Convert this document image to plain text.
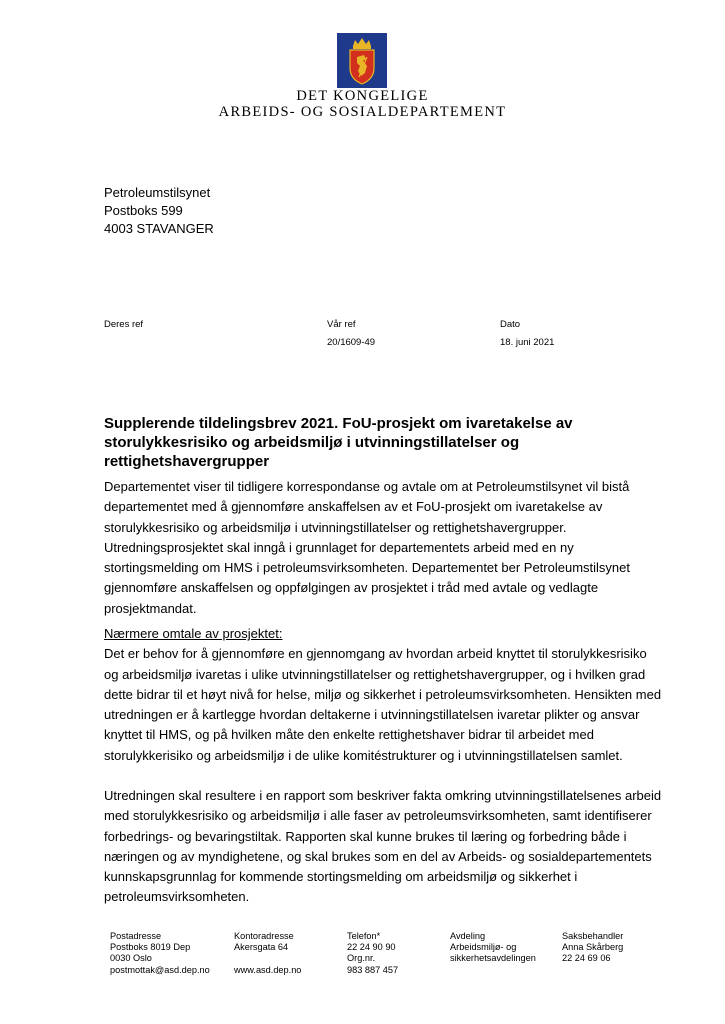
DET KONGELIGE
ARBEIDS- OG SOSIALDEPARTEMENT
Petroleumstilsynet
Postboks 599
4003 STAVANGER
Deres ref	Vår ref
20/1609-49
Dato
18. juni 2021
Supplerende tildelingsbrev 2021. FoU-prosjekt om ivaretakelse av storulykkesrisiko og arbeidsmiljø i utvinningstillatelser og rettighetshavergrupper

Departementet viser til tidligere korrespondanse og avtale om at Petroleumstilsynet vil bistå departementet med å gjennomføre anskaffelsen av et FoU-prosjekt om ivaretakelse av storulykkesrisiko og arbeidsmiljø i utvinningstillatelser og rettighetshavergrupper. Utredningsprosjektet skal inngå i grunnlaget for departementets arbeid med en ny stortingsmelding om HMS i petroleumsvirksomheten. Departementet ber Petroleumstilsynet gjennomføre anskaffelsen og oppfølgingen av prosjektet i tråd med avtale og vedlagte prosjektmandat.

Nærmere omtale av prosjektet:

Det er behov for å gjennomføre en gjennomgang av hvordan arbeid knyttet til storulykkesrisiko og arbeidsmiljø ivaretas i ulike utvinningstillatelser og rettighetshavergrupper, og i hvilken grad dette bidrar til et høyt nivå for helse, miljø og sikkerhet i petroleumsvirksomheten. Hensikten med utredningen er å kartlegge hvordan deltakerne i utvinningstillatelsen ivaretar plikter og ansvar knyttet til HMS, og på hvilken måte den enkelte rettighetshaver bidrar til arbeidet med storulykkerisiko og arbeidsmiljø i de ulike komitéstrukturer og i utvinningstillatelsen samlet.

Utredningen skal resultere i en rapport som beskriver fakta omkring utvinningstillatelsenes arbeid med storulykkesrisiko og arbeidsmiljø i alle faser av petroleumsvirksomheten, samt identifiserer forbedrings- og bevaringstiltak. Rapporten skal kunne brukes til læring og forbedring både i næringen og av myndighetene, og skal brukes som en del av Arbeids- og sosialdepartementets kunnskapsgrunnlag for kommende stortingsmelding om arbeidsmiljø og sikkerhet i petroleumsvirksomheten.

Postadresse
Postboks 8019 Dep
0030 Oslo
postmottak@asd.dep.no
Kontoradresse
Akersgata 64

www.asd.dep.no
Telefon*
22 24 90 90
Org.nr.
983 887 457
Avdeling
Arbeidsmiljø- og
sikkerhetsavdelingen
Saksbehandler
Anna Skårberg
22 24 69 06
